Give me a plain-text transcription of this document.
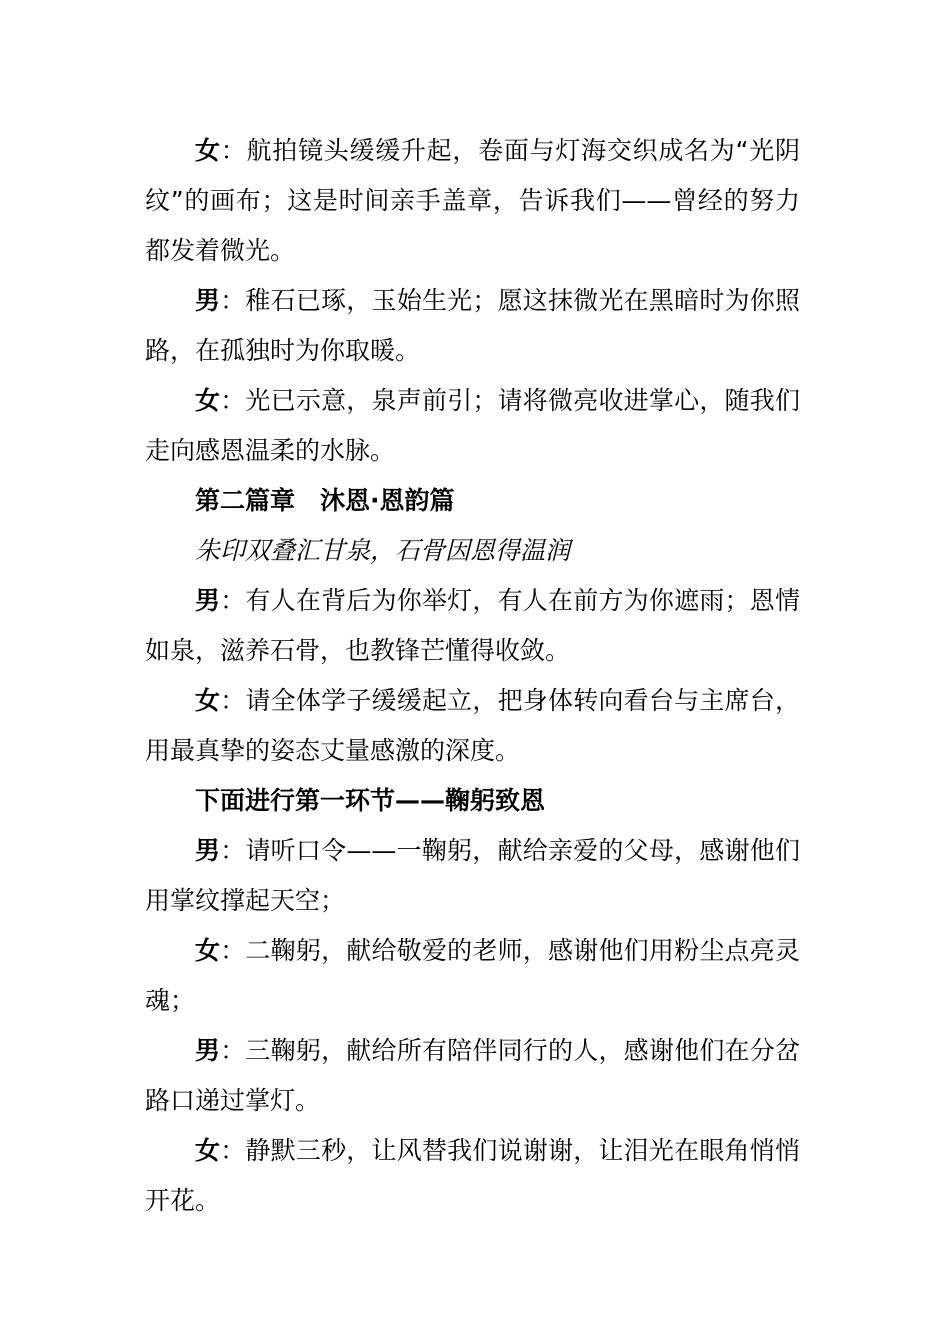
女：航拍镜头缓缓升起，卷面与灯海交织成名为“光阴纹”的画布；这是时间亲手盖章，告诉我们——曾经的努力都发着微光。

男：稚石已琢，玉始生光；愿这抹微光在黑暗时为你照路，在孤独时为你取暖。

女：光已示意，泉声前引；请将微亮收进掌心，随我们走向感恩温柔的水脉。

第二篇章　沐恩·恩韵篇

朱印双叠汇甘泉，石骨因恩得温润

男：有人在背后为你举灯，有人在前方为你遮雨；恩情如泉，滋养石骨，也教锋芒懂得收敛。

女：请全体学子缓缓起立，把身体转向看台与主席台，用最真挚的姿态丈量感激的深度。

下面进行第一环节——鞠躬致恩

男：请听口令——一鞠躬，献给亲爱的父母，感谢他们用掌纹撑起天空；

女：二鞠躬，献给敬爱的老师，感谢他们用粉尘点亮灵魂；

男：三鞠躬，献给所有陪伴同行的人，感谢他们在分岔路口递过掌灯。

女：静默三秒，让风替我们说谢谢，让泪光在眼角悄悄开花。
